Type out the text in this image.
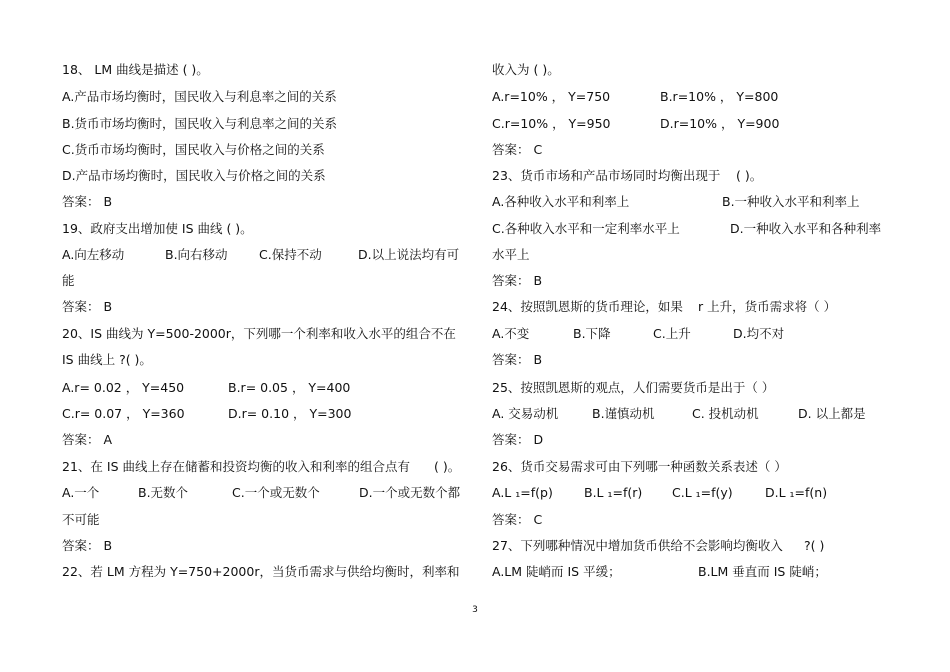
18、 LM 曲线是描述 ( )。
A.产品市场均衡时，国民收入与利息率之间的关系
B.货币市场均衡时，国民收入与利息率之间的关系
C.货币市场均衡时，国民收入与价格之间的关系
D.产品市场均衡时，国民收入与价格之间的关系
答案： B
19、政府支出增加使 IS 曲线 ( )。
A.向左移动	B.向右移动	C.保持不动	D.以上说法均有可
能
答案： B
20、IS 曲线为 Y=500-2000r，下列哪一个利率和收入水平的组合不在
IS 曲线上 ?( )。
A.r= 0.02 ， Y=450	B.r= 0.05 ， Y=400
C.r= 0.07 ， Y=360	D.r= 0.10 ， Y=300
答案： A
21、在 IS 曲线上存在储蓄和投资均衡的收入和利率的组合点有 ( )。
A.一个	B.无数个	C.一个或无数个	D.一个或无数个都
不可能
答案： B
22、若 LM 方程为 Y=750+2000r，当货币需求与供给均衡时，利率和
收入为 ( )。
A.r=10% ， Y=750	B.r=10% ， Y=800
C.r=10% ， Y=950	D.r=10% ， Y=900
答案： C
23、货币市场和产品市场同时均衡出现于 ( )。
A.各种收入水平和利率上	B.一种收入水平和利率上
C.各种收入水平和一定利率水平上	D.一种收入水平和各种利率
水平上
答案： B
24、按照凯恩斯的货币理论，如果 r 上升，货币需求将（ ）
A.不变	B.下降	C.上升	D.均不对
答案： B
25、按照凯恩斯的观点，人们需要货币是出于（ ）
A. 交易动机	B.谨慎动机	C. 投机动机	D. 以上都是
答案： D
26、货币交易需求可由下列哪一种函数关系表述（ ）
A.L ₁=f(p) B.L ₁=f(r) C.L ₁=f(y)	D.L ₁=f(n)
答案： C
27、下列哪种情况中增加货币供给不会影响均衡收入 ?( )
A.LM 陡峭而 IS 平缓；	B.LM 垂直而 IS 陡峭；
3
